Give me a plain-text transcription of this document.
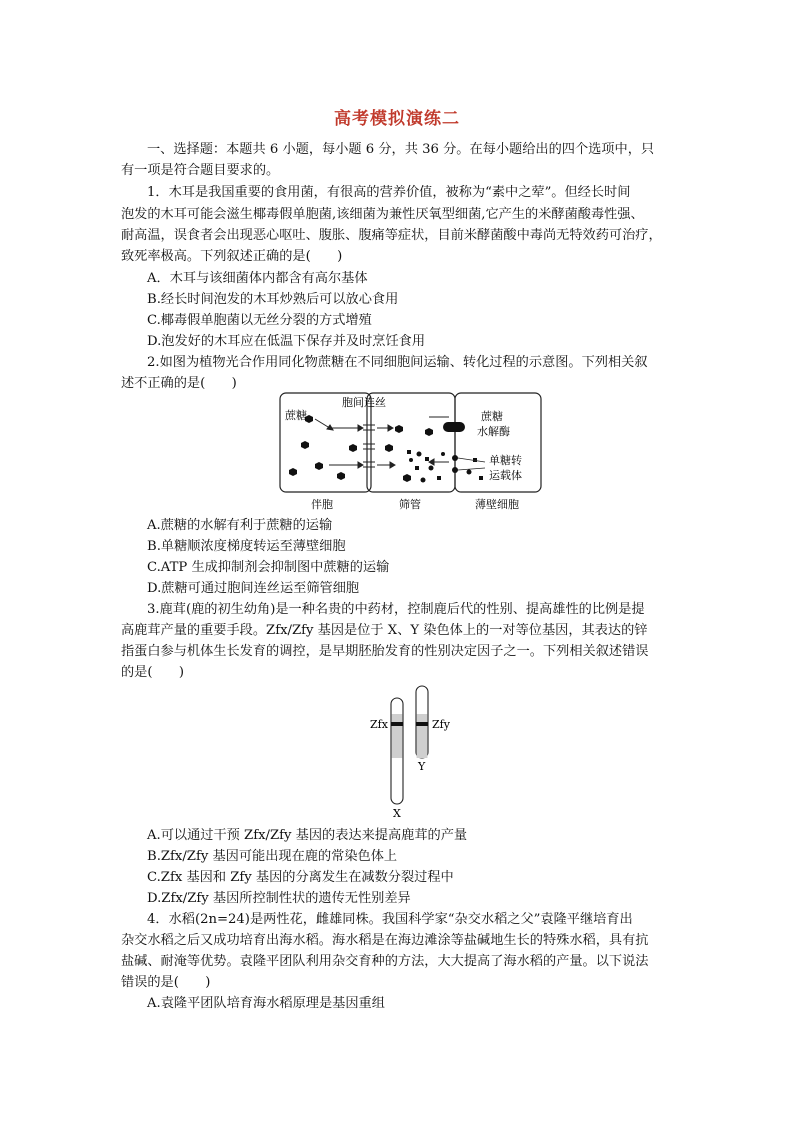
高考模拟演练二
一、选择题：本题共 6 小题，每小题 6 分，共 36 分。在每小题给出的四个选项中，只
有一项是符合题目要求的。
1．木耳是我国重要的食用菌，有很高的营养价值，被称为“素中之荤”。但经长时间
泡发的木耳可能会滋生椰毒假单胞菌,该细菌为兼性厌氧型细菌,它产生的米酵菌酸毒性强、
耐高温，误食者会出现恶心呕吐、腹胀、腹痛等症状，目前米酵菌酸中毒尚无特效药可治疗，
致死率极高。下列叙述正确的是(　　)
A．木耳与该细菌体内都含有高尔基体
B.经长时间泡发的木耳炒熟后可以放心食用
C.椰毒假单胞菌以无丝分裂的方式增殖
D.泡发好的木耳应在低温下保存并及时烹饪食用
2.如图为植物光合作用同化物蔗糖在不同细胞间运输、转化过程的示意图。下列相关叙
述不正确的是(　　)
蔗糖
胞间连丝
蔗糖
水解酶
单糖转
运载体
伴胞	筛管	薄壁细胞
A.蔗糖的水解有利于蔗糖的运输
B.单糖顺浓度梯度转运至薄壁细胞
C.ATP 生成抑制剂会抑制图中蔗糖的运输
D.蔗糖可通过胞间连丝运至筛管细胞
3.鹿茸(鹿的初生幼角)是一种名贵的中药材，控制鹿后代的性别、提高雄性的比例是提
高鹿茸产量的重要手段。Zfx/Zfy 基因是位于 X、Y 染色体上的一对等位基因，其表达的锌
指蛋白参与机体生长发育的调控，是早期胚胎发育的性别决定因子之一。下列相关叙述错误
的是(　　)
Zfx	Zfy
Y
X
A.可以通过干预 Zfx/Zfy 基因的表达来提高鹿茸的产量
B.Zfx/Zfy 基因可能出现在鹿的常染色体上
C.Zfx 基因和 Zfy 基因的分离发生在减数分裂过程中
D.Zfx/Zfy 基因所控制性状的遗传无性别差异
4．水稻(2n=24)是两性花，雌雄同株。我国科学家“杂交水稻之父”袁隆平继培育出
杂交水稻之后又成功培育出海水稻。海水稻是在海边滩涂等盐碱地生长的特殊水稻，具有抗
盐碱、耐淹等优势。袁隆平团队利用杂交育种的方法，大大提高了海水稻的产量。以下说法
错误的是(　　)
A.袁隆平团队培育海水稻原理是基因重组
